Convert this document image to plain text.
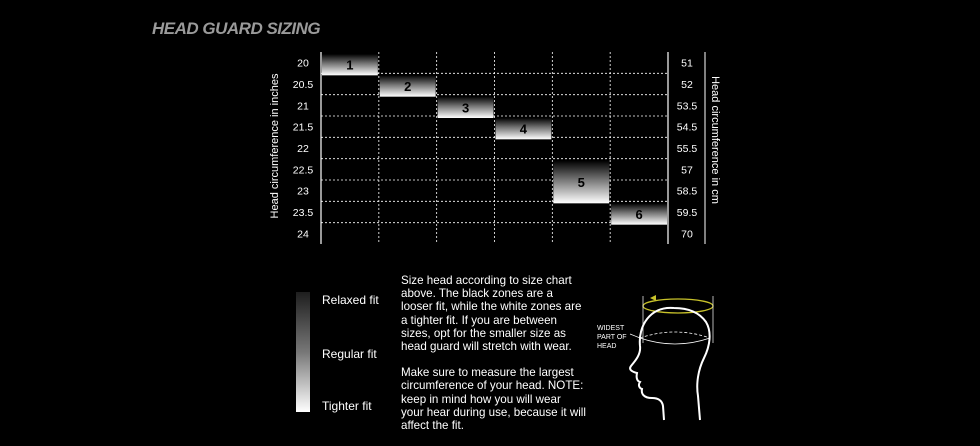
HEAD GUARD SIZING
1
2
3
4
5
6
20
20.5
21
21.5
22
22.5
23
23.5
24
51
52
53.5
54.5
55.5
57
58.5
59.5
70
Head circumference in inches	Head circumference in cm
Relaxed fit
Regular fit
Tighter fit

Size head according to size chart above. The black zones are a looser fit, while the white zones are a tighter fit. If you are between sizes, opt for the smaller size as head guard will stretch with wear.

Make sure to measure the largest circumference of your head. NOTE: keep in mind how you will wear your hear during use, because it will affect the fit.

WIDEST PART OF HEAD
